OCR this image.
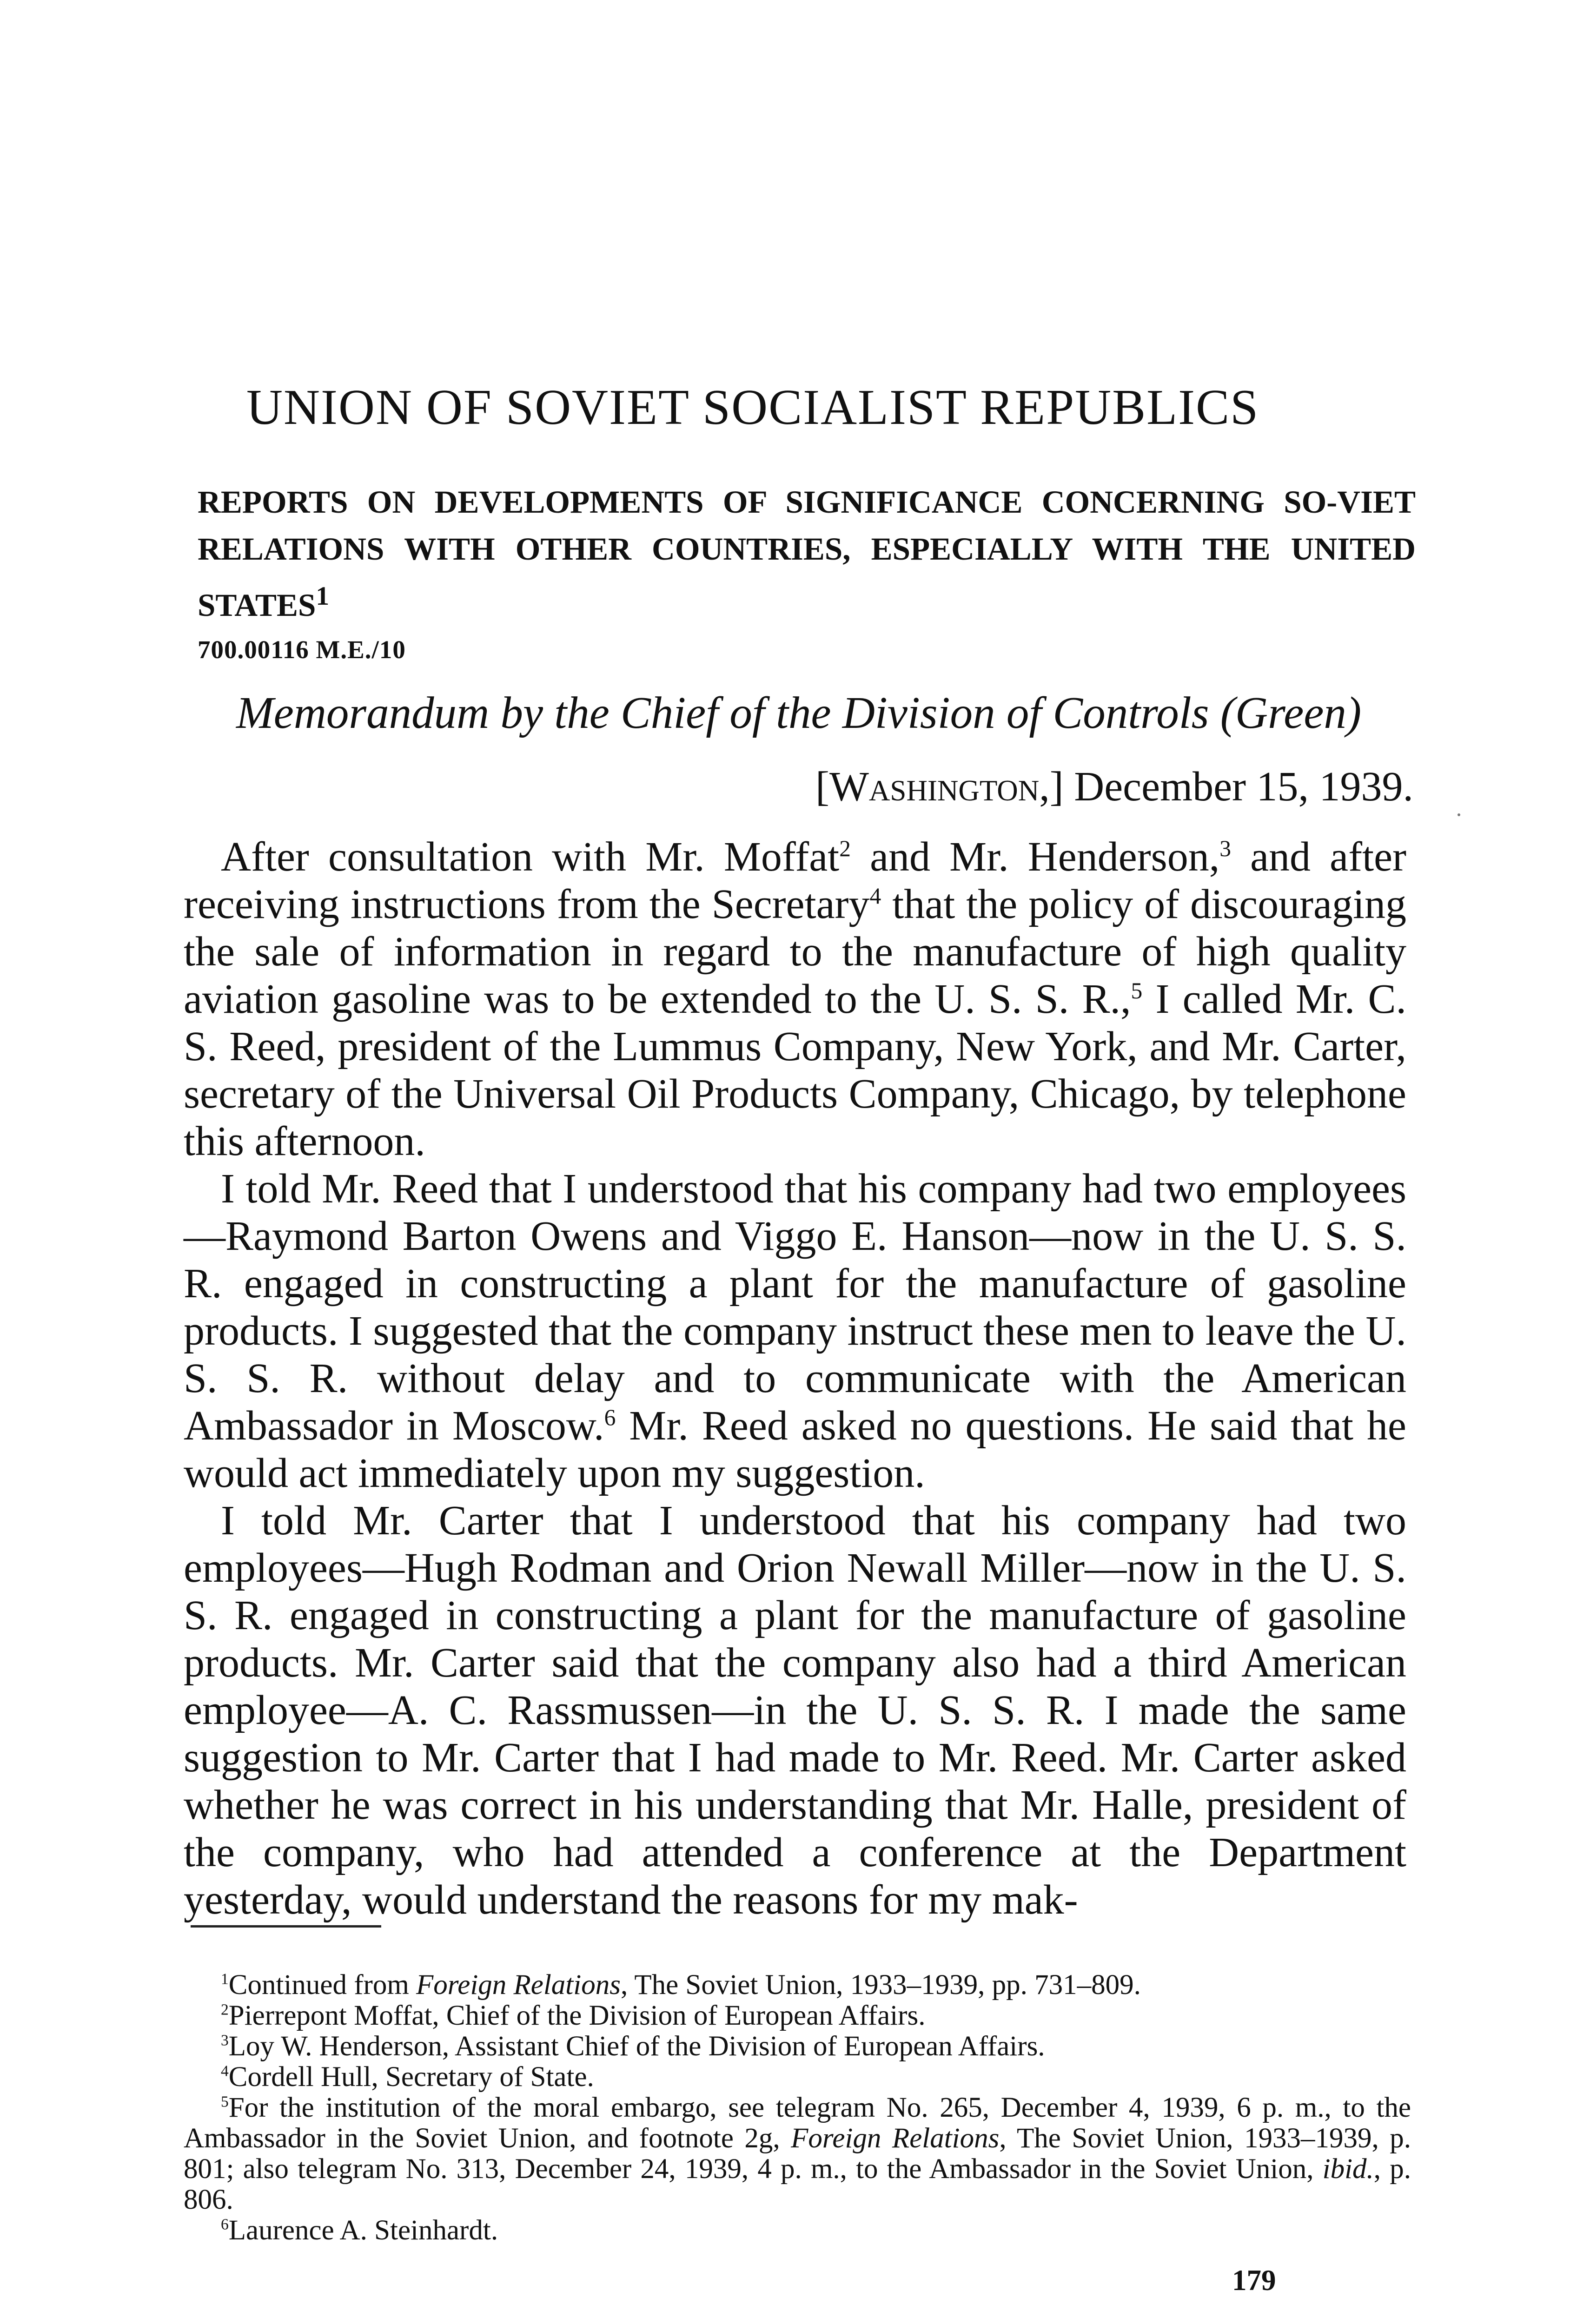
UNION OF SOVIET SOCIALIST REPUBLICS
REPORTS ON DEVELOPMENTS OF SIGNIFICANCE CONCERNING SO-VIET RELATIONS WITH OTHER COUNTRIES, ESPECIALLY WITH THE UNITED STATES$^1$
700.00116 M.E./10
Memorandum by the Chief of the Division of Controls (Green)
[Washington,] December 15, 1939.

After consultation with Mr. Moffat$^2$ and Mr. Henderson,$^3$ and after receiving instructions from the Secretary$^4$ that the policy of discouraging the sale of information in regard to the manufacture of high quality aviation gasoline was to be extended to the U. S. S. R.,$^5$ I called Mr. C. S. Reed, president of the Lummus Company, New York, and Mr. Carter, secretary of the Universal Oil Products Company, Chicago, by telephone this afternoon.

I told Mr. Reed that I understood that his company had two employees—Raymond Barton Owens and Viggo E. Hanson—now in the U. S. S. R. engaged in constructing a plant for the manufacture of gasoline products. I suggested that the company instruct these men to leave the U. S. S. R. without delay and to communicate with the American Ambassador in Moscow.$^6$ Mr. Reed asked no questions. He said that he would act immediately upon my suggestion.

I told Mr. Carter that I understood that his company had two employees—Hugh Rodman and Orion Newall Miller—now in the U. S. S. R. engaged in constructing a plant for the manufacture of gasoline products. Mr. Carter said that the company also had a third American employee—A. C. Rassmussen—in the U. S. S. R. I made the same suggestion to Mr. Carter that I had made to Mr. Reed. Mr. Carter asked whether he was correct in his understanding that Mr. Halle, president of the company, who had attended a conference at the Department yesterday, would understand the reasons for my mak-

$^1$Continued from Foreign Relations, The Soviet Union, 1933–1939, pp. 731–809.

$^2$Pierrepont Moffat, Chief of the Division of European Affairs.

$^3$Loy W. Henderson, Assistant Chief of the Division of European Affairs.

$^4$Cordell Hull, Secretary of State.

$^5$For the institution of the moral embargo, see telegram No. 265, December 4, 1939, 6 p. m., to the Ambassador in the Soviet Union, and footnote 2g, Foreign Relations, The Soviet Union, 1933–1939, p. 801; also telegram No. 313, December 24, 1939, 4 p. m., to the Ambassador in the Soviet Union, ibid., p. 806.

$^6$Laurence A. Steinhardt.

179
